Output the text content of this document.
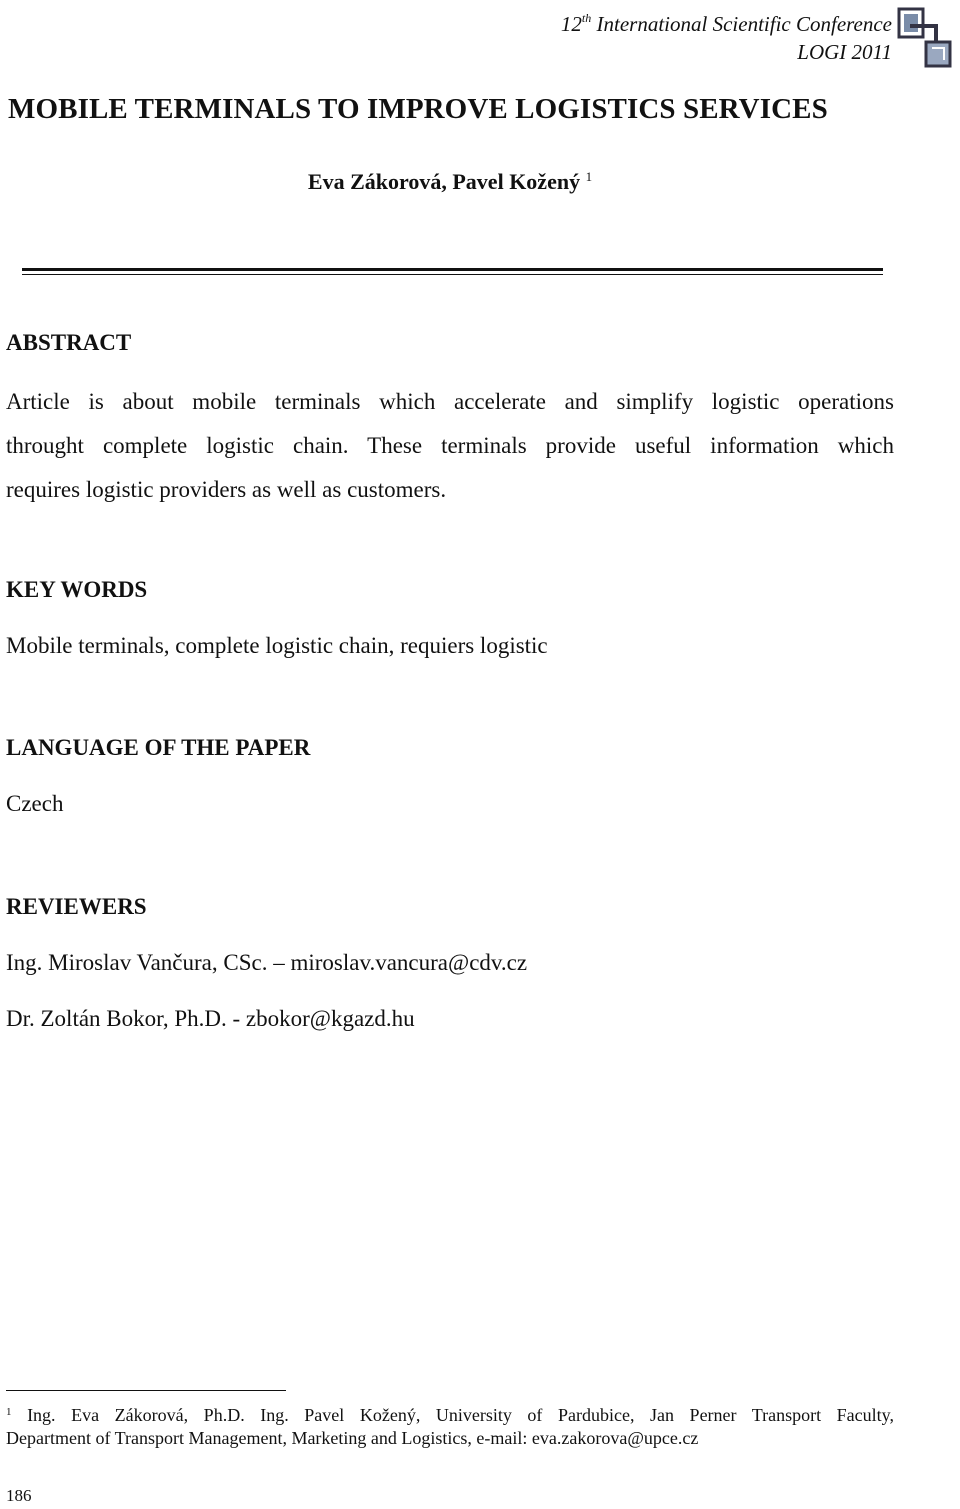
12th International Scientific Conference
LOGI 2011
MOBILE TERMINALS TO IMPROVE LOGISTICS SERVICES
Eva Zákorová, Pavel Kožený $^1$
ABSTRACT
Article is about mobile terminals which accelerate and simplify logistic operations
throught complete logistic chain. These terminals provide useful information which
requires logistic providers as well as customers.
KEY WORDS
Mobile terminals, complete logistic chain, requiers logistic
LANGUAGE OF THE PAPER
Czech
REVIEWERS
Ing. Miroslav Vančura, CSc. – miroslav.vancura@cdv.cz
Dr. Zoltán Bokor, Ph.D. - zbokor@kgazd.hu
$^1$ Ing. Eva Zákorová, Ph.D. Ing. Pavel Kožený, University of Pardubice, Jan Perner Transport Faculty,
Department of Transport Management, Marketing and Logistics, e-mail: eva.zakorova@upce.cz
186
